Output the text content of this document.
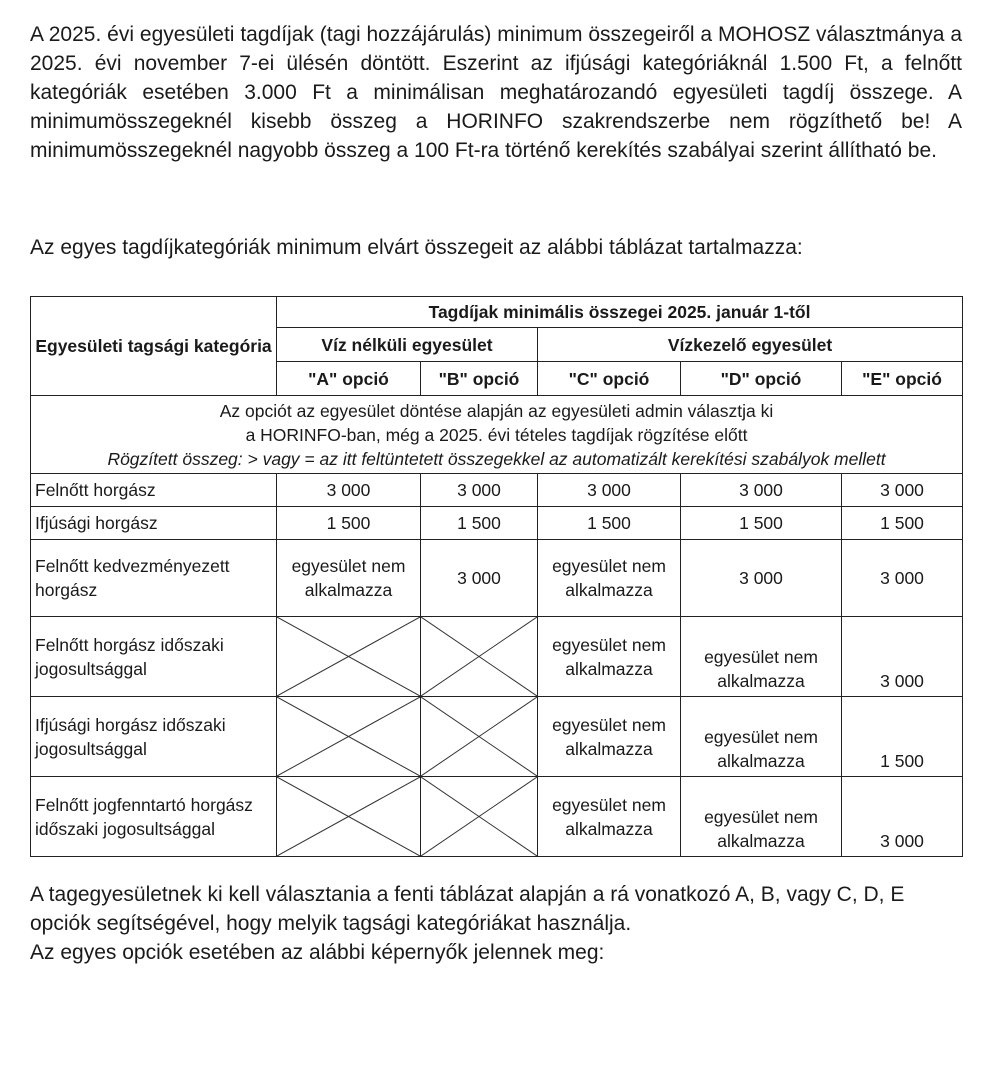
A 2025. évi egyesületi tagdíjak (tagi hozzájárulás) minimum összegeiről a MOHOSZ választmánya a 2025. évi november 7-ei ülésén döntött. Eszerint az ifjúsági kategóriáknál 1.500 Ft, a felnőtt kategóriák esetében 3.000 Ft a minimálisan meghatározandó egyesületi tagdíj összege. A minimumösszegeknél kisebb összeg a HORINFO szakrendszerbe nem rögzíthető be! A minimumösszegeknél nagyobb összeg a 100 Ft-ra történő kerekítés szabályai szerint állítható be.

Az egyes tagdíjkategóriák minimum elvárt összegeit az alábbi táblázat tartalmazza:

Egyesületi tagsági kategória	Tagdíjak minimális összegei 2025. január 1-től				
	Víz nélküli egyesület		Vízkezelő egyesület		
	"A" opció	"B" opció	"C" opció	"D" opció	"E" opció

Az opciót az egyesület döntése alapján az egyesületi admin választja ki
a HORINFO-ban, még a 2025. évi tételes tagdíjak rögzítése előtt
Rögzített összeg: > vagy = az itt feltüntetett összegekkel az automatizált kerekítési szabályok mellett					

Felnőtt horgász	3 000	3 000	3 000	3 000	3 000
Ifjúsági horgász	1 500	1 500	1 500	1 500	1 500
Felnőtt kedvezményezett horgász	egyesület nem alkalmazza	3 000	egyesület nem alkalmazza	3 000	3 000
Felnőtt horgász időszaki jogosultsággal			egyesület nem alkalmazza	egyesület nem alkalmazza	3 000
Ifjúsági horgász időszaki jogosultsággal			egyesület nem alkalmazza	egyesület nem alkalmazza	1 500
Felnőtt jogfenntartó horgász időszaki jogosultsággal			egyesület nem alkalmazza	egyesület nem alkalmazza	3 000
A tagegyesületnek ki kell választania a fenti táblázat alapján a rá vonatkozó A, B, vagy C, D, E opciók segítségével, hogy melyik tagsági kategóriákat használja.
Az egyes opciók esetében az alábbi képernyők jelennek meg:
